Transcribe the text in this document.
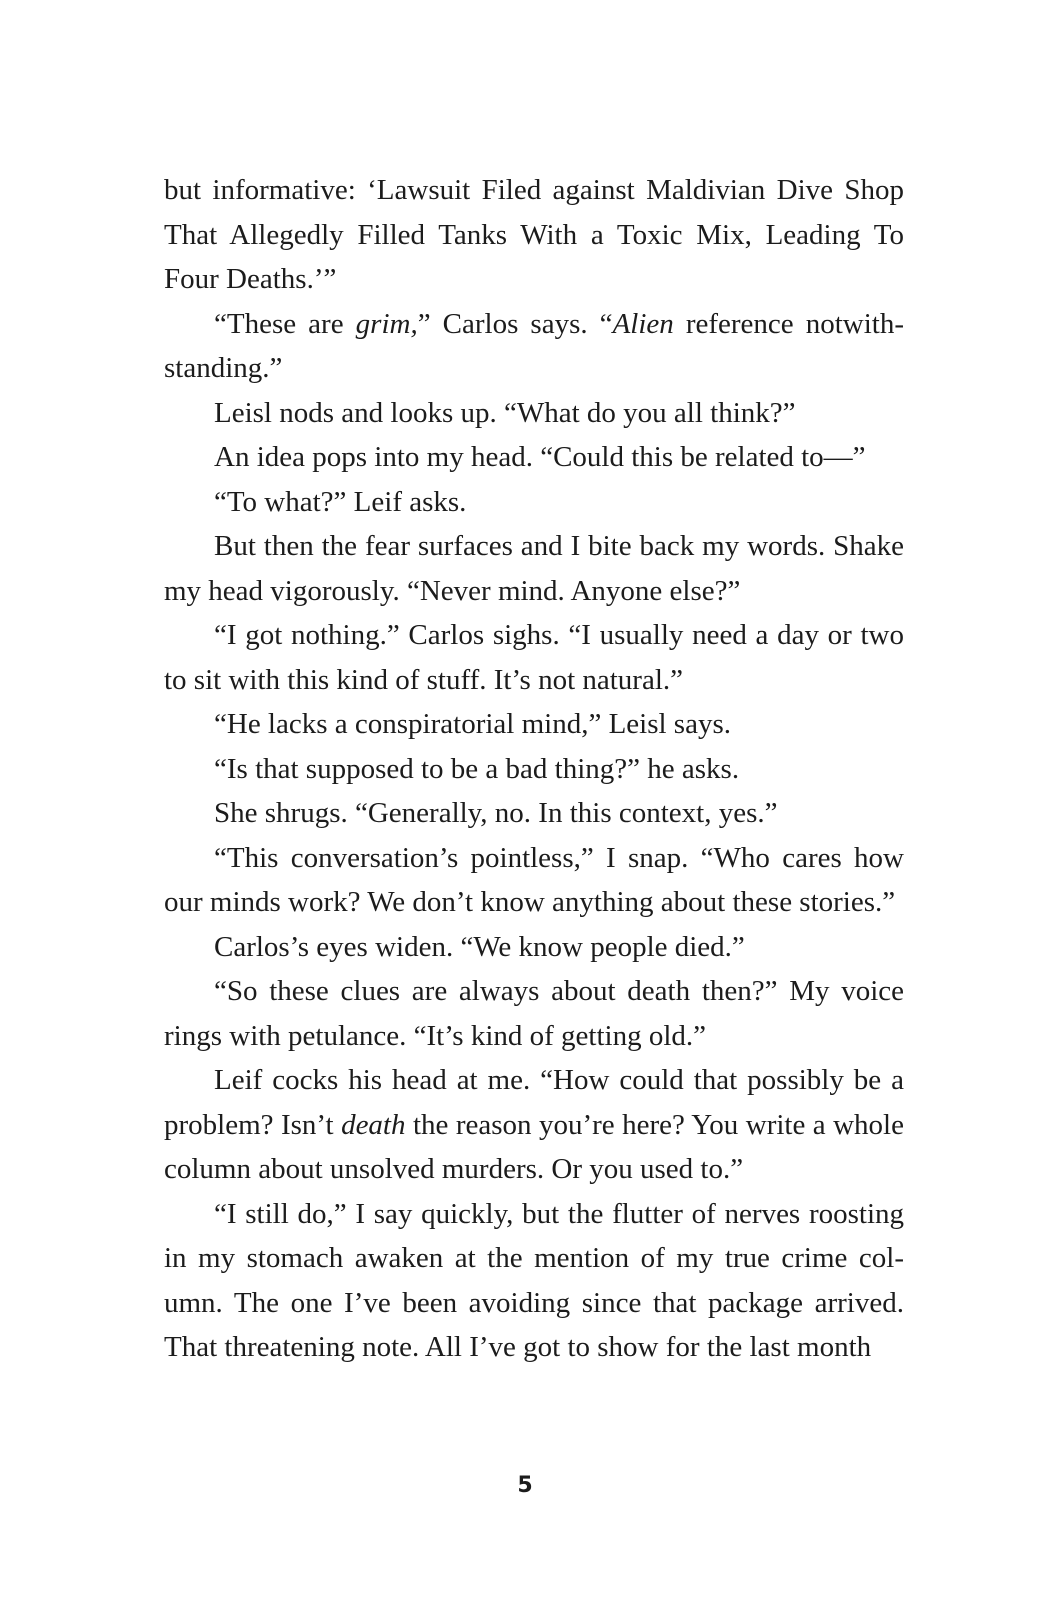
but informative: ‘Lawsuit Filed against Maldivian Dive Shop That Allegedly Filled Tanks With a Toxic Mix, Leading To Four Deaths.’”

“These are grim,” Carlos says. “Alien reference notwithstanding.”

Leisl nods and looks up. “What do you all think?”

An idea pops into my head. “Could this be related to—”

“To what?” Leif asks.

But then the fear surfaces and I bite back my words. Shake my head vigorously. “Never mind. Anyone else?”

“I got nothing.” Carlos sighs. “I usually need a day or two to sit with this kind of stuff. It’s not natural.”

“He lacks a conspiratorial mind,” Leisl says.

“Is that supposed to be a bad thing?” he asks.

She shrugs. “Generally, no. In this context, yes.”

“This conversation’s pointless,” I snap. “Who cares how our minds work? We don’t know anything about these stories.”

Carlos’s eyes widen. “We know people died.”

“So these clues are always about death then?” My voice rings with petulance. “It’s kind of getting old.”

Leif cocks his head at me. “How could that possibly be a problem? Isn’t death the reason you’re here? You write a whole column about unsolved murders. Or you used to.”

“I still do,” I say quickly, but the flutter of nerves roosting in my stomach awaken at the mention of my true crime column. The one I’ve been avoiding since that package arrived. That threatening note. All I’ve got to show for the last month

5
